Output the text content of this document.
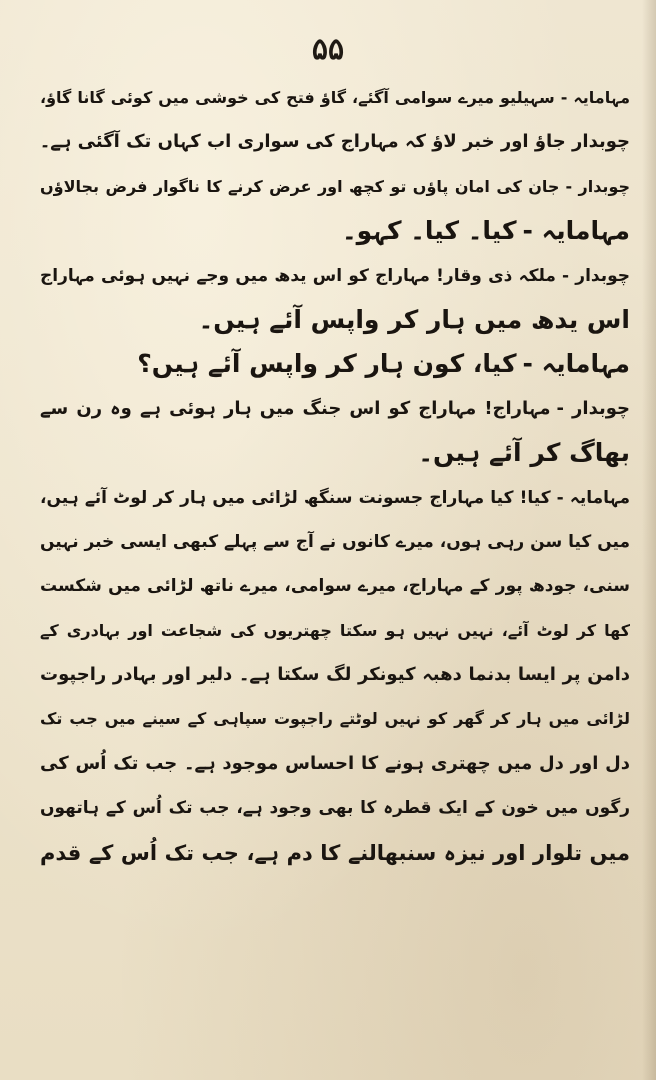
۵۵
مہامایہ -سہیلیو میرے سوامی آگئے، گاؤ فتح کی خوشی میں کوئی گانا گاؤ،
چوبدار جاؤ اور خبر لاؤ کہ مہاراج کی سواری اب کہاں تک آگئی ہے۔
چوبدار -جان کی امان پاؤں تو کچھ اور عرض کرنے کا ناگوار فرض بجالاؤں
مہامایہ -کیا۔ کیا۔ کہو۔
چوبدار -ملکہ ذی وقار! مہاراج کو اس یدھ میں وجے نہیں ہوئی مہاراج
اس یدھ میں ہار کر واپس آئے ہیں۔
مہامایہ -کیا، کون ہار کر واپس آئے ہیں؟
چوبدار -مہاراج! مہاراج کو اس جنگ میں ہار ہوئی ہے وہ رن سے
بھاگ کر آئے ہیں۔
مہامایہ -کیا! کیا مہاراج جسونت سنگھ لڑائی میں ہار کر لوٹ آئے ہیں،
میں کیا سن رہی ہوں، میرے کانوں نے آج سے پہلے کبھی ایسی خبر نہیں
سنی، جودھ پور کے مہاراج، میرے سوامی، میرے ناتھ لڑائی میں شکست
کھا کر لوٹ آئے، نہیں نہیں ہو سکتا چھتریوں کی شجاعت اور بہادری کے
دامن پر ایسا بدنما دھبہ کیونکر لگ سکتا ہے۔ دلیر اور بہادر راجپوت
لڑائی میں ہار کر گھر کو نہیں لوٹتے راجپوت سپاہی کے سینے میں جب تک
دل اور دل میں چھتری ہونے کا احساس موجود ہے۔ جب تک اُس کی
رگوں میں خون کے ایک قطرہ کا بھی وجود ہے، جب تک اُس کے ہاتھوں
میں تلوار اور نیزہ سنبھالنے کا دم ہے، جب تک اُس کے قدم
